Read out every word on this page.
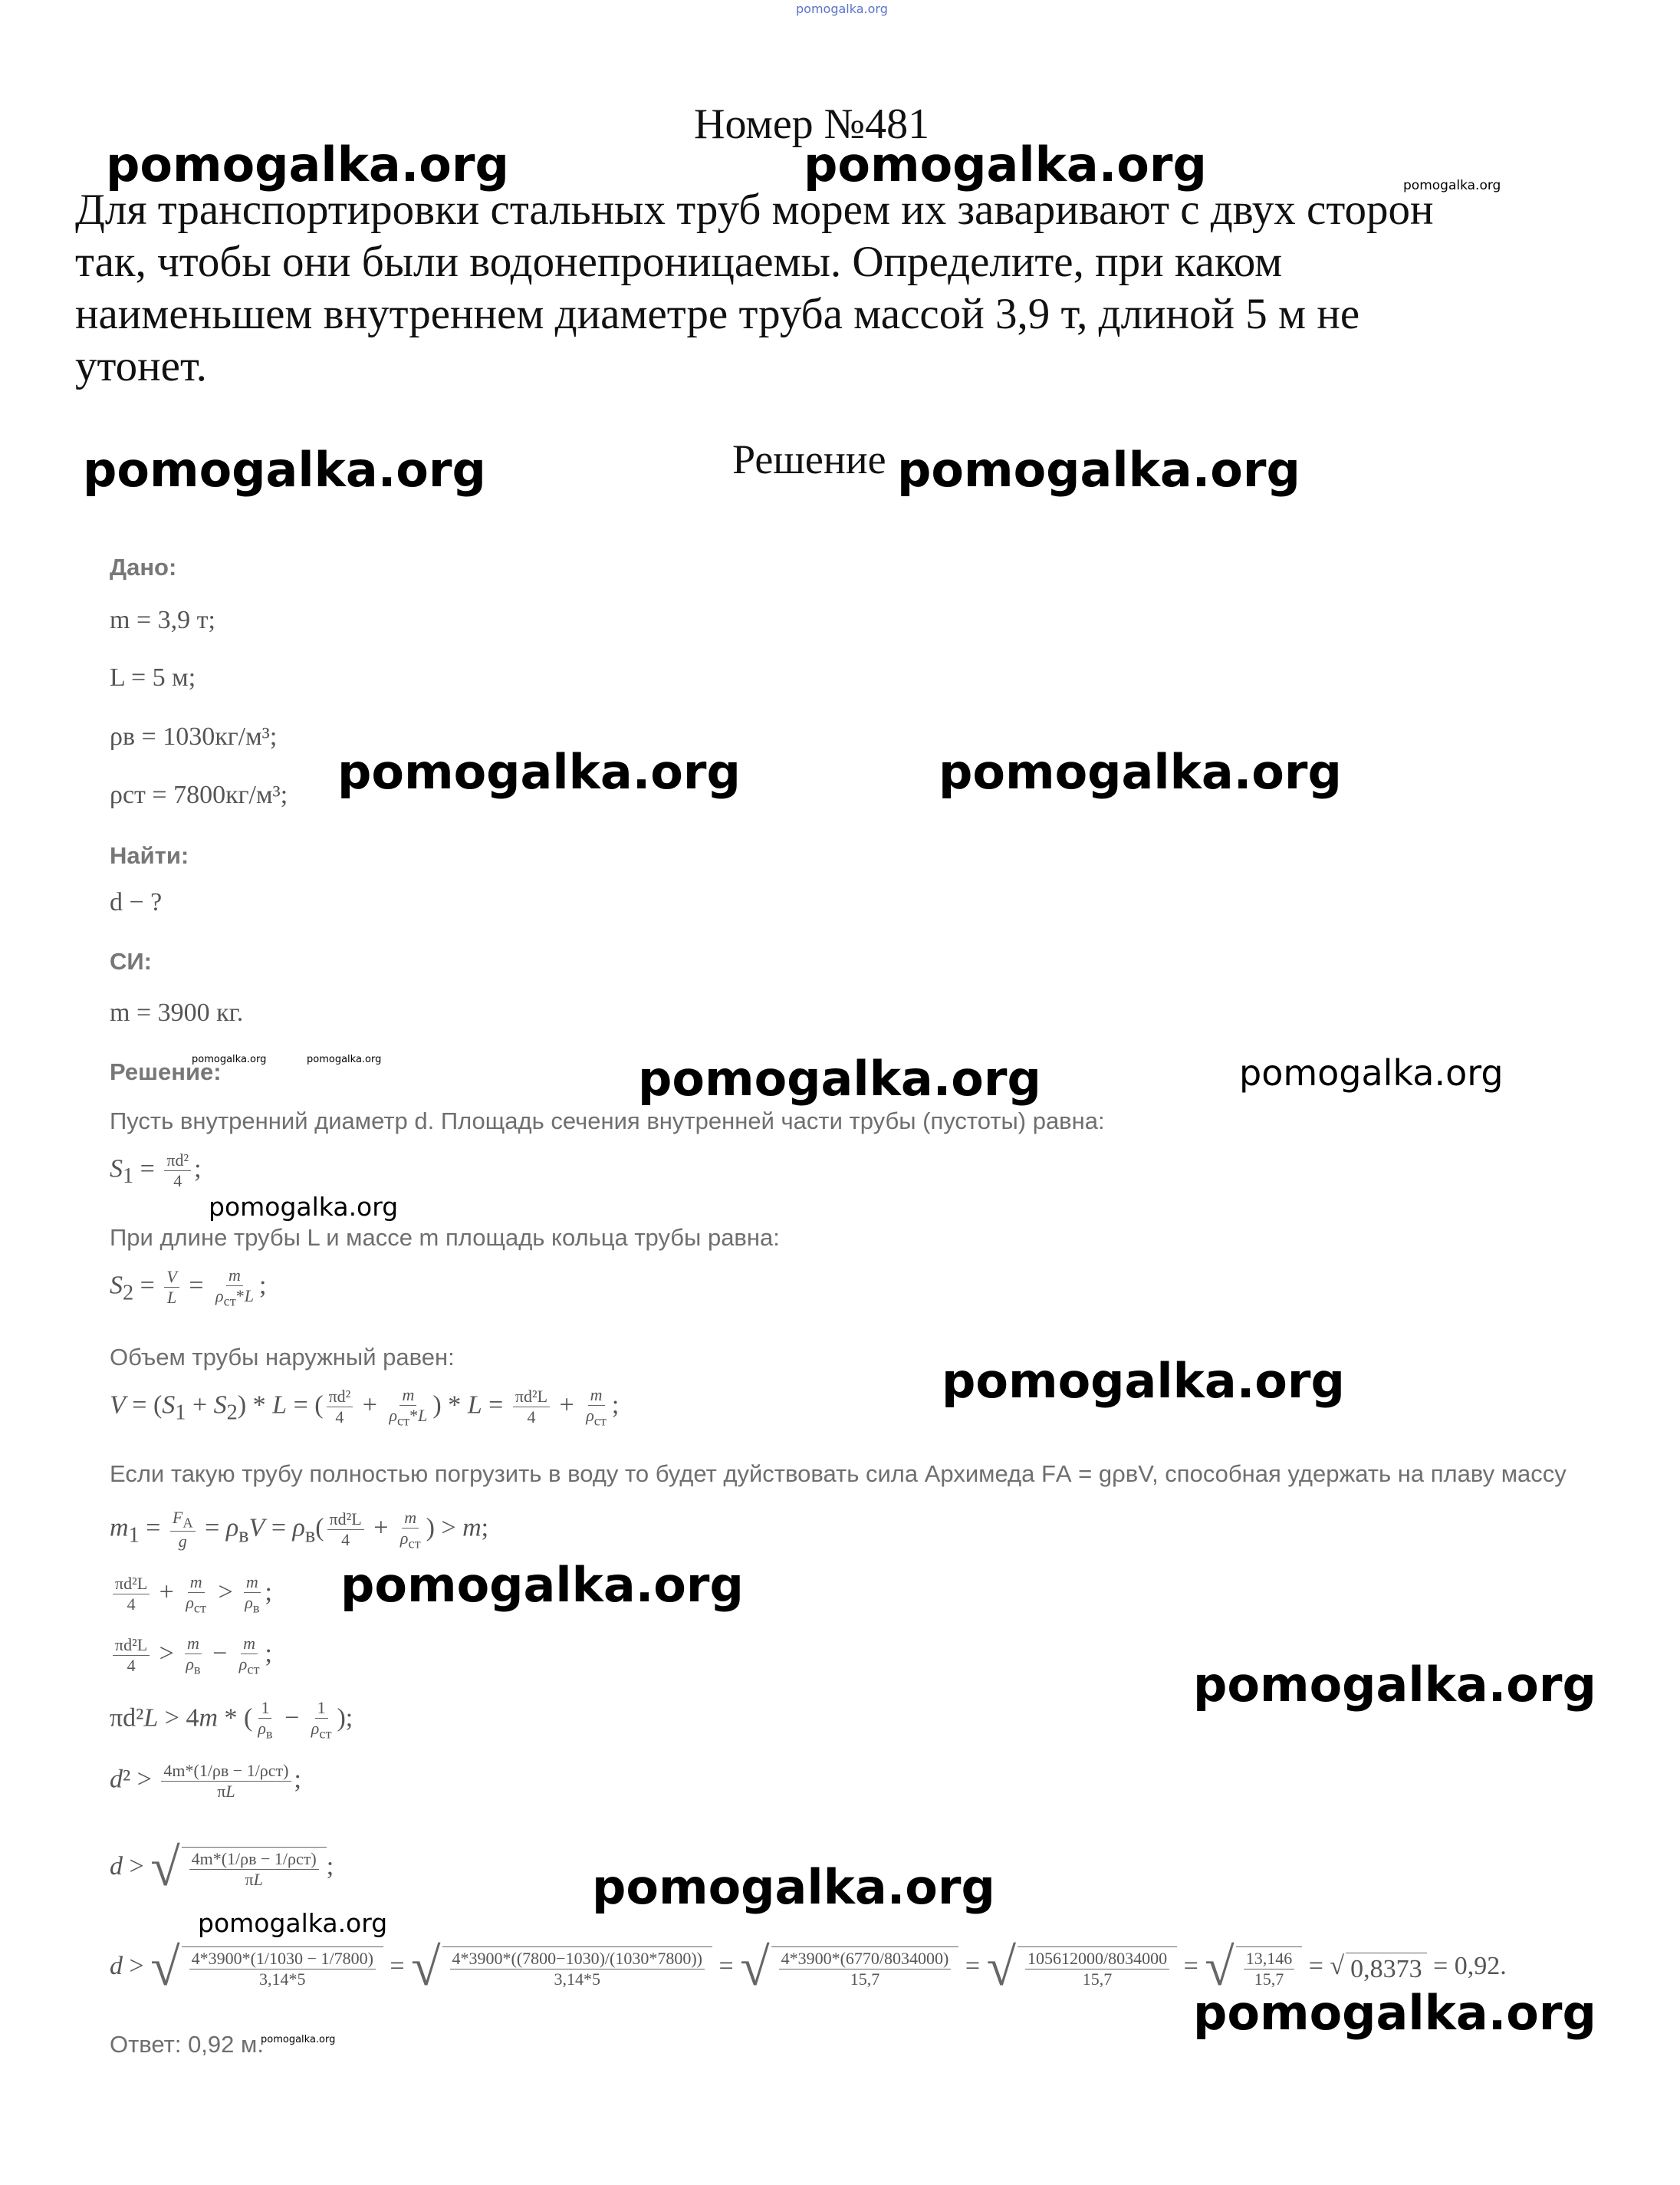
pomogalka.org
Номер №481
pomogalka.org	pomogalka.org	pomogalka.org

Для транспортировки стальных труб морем их заваривают с двух сторон

так, чтобы они были водонепроницаемы. Определите, при каком

наименьшем внутреннем диаметре труба массой 3,9 т, длиной 5 м не

утонет.

pomogalka.org	Решение pomogalka.org
Дано:
m = 3,9 т;
L = 5 м;
ρв = 1030кг/м³;
ρст = 7800кг/м³; pomogalka.org	pomogalka.org
Найти:
d − ?
СИ:
m = 3900 кг.
Решение:
pomogalka.org	pomogalka.org	pomogalka.org	pomogalka.org
Пусть внутренний диаметр d. Площадь сечения внутренней части трубы (пустоты) равна:
$S_1 = \frac{\text{πd²}}{4}$ ;
pomogalka.org
При длине трубы L и массе m площадь кольца трубы равна:
$S_2 = \frac{V}{L} = \frac{m}{\rho_{ст}*L}$ ;
Объем трубы наружный равен:
$V = (S_1 + S_2) * L$ = ( $\frac{\text{πd²}}{4} + \frac{m}{\rho_{ст}*L}$ ) * $L = \frac{\text{πd²L}}{4} + \frac{m}{\rho_{ст}}$ ;	pomogalka.org
Если такую трубу полностью погрузить в воду то будет дуйствовать сила Архимеда FА = gρвV, способная удержать на плаву массу
$m_1 = \frac{F_A}{g} = \rho_вV = \rho_в( \frac{\text{πd²L}}{4} + \frac{m}{\rho_{ст}}$ ) > m;
$\frac{\text{πd²L}}{4} + \frac{m}{\rho_{ст}} > \frac{m}{\rho_в}$ ; pomogalka.org
$\frac{\text{πd²L}}{4} > \frac{m}{\rho_в} - \frac{m}{\rho_{ст}}$ ;
pomogalka.org
πd²L > 4m * ( $\frac{1}{\rho_в} - \frac{1}{\rho_{ст}}$ );
$d^2 > \frac{\text{4m*(1/ρв − 1/ρст)}}{\pi L}$ ;
d > √ $\frac{\text{4m*(1/ρв − 1/ρст)}}{\pi L}$ ;	pomogalka.org
pomogalka.org
d > √ $\frac{4*3900*(1/1030 - 1/7800)}{3,14*5}$ = √ $\frac{4*3900*((7800-1030)/(1030*7800))}{3,14*5}$ = √ $\frac{4*3900*(6770/8034000)}{15,7}$ = √ $\frac{105612000/8034000}{15,7}$ = √ $\frac{13,146}{15,7}$ = √ 0,8373 = 0,92.
pomogalka.org
Ответ: 0,92 м.
pomogalka.org
